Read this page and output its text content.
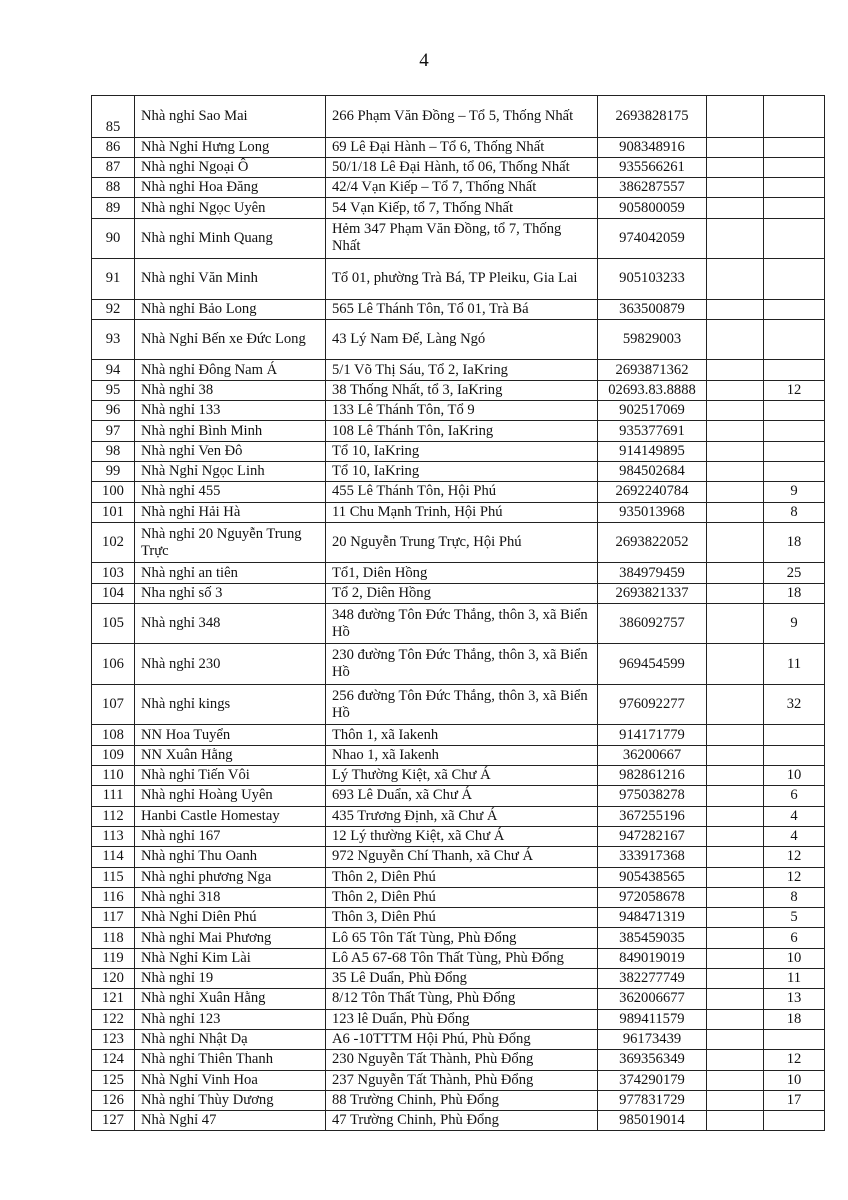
4
85	Nhà nghỉ Sao Mai	266 Phạm Văn Đồng – Tổ 5, Thống Nhất	2693828175		
86	Nhà Nghỉ Hưng Long	69 Lê Đại Hành – Tổ 6, Thống Nhất	908348916		
87	Nhà nghỉ Ngoại Ô	50/1/18 Lê Đại Hành, tổ 06, Thống Nhất	935566261		
88	Nhà nghỉ Hoa Đăng	42/4 Vạn Kiếp – Tổ 7, Thống Nhất	386287557		
89	Nhà nghỉ Ngọc Uyên	54 Vạn Kiếp, tổ 7, Thống Nhất	905800059		
90	Nhà nghỉ Minh Quang	Hẻm 347 Phạm Văn Đồng, tổ 7, Thống Nhất	974042059		
91	Nhà nghỉ Văn Minh	Tổ 01, phường Trà Bá, TP Pleiku, Gia Lai	905103233		
92	Nhà nghỉ Bảo Long	565 Lê Thánh Tôn, Tổ 01, Trà Bá	363500879		
93	Nhà Nghỉ Bến xe Đức Long	43 Lý Nam Đế, Làng Ngó	59829003		
94	Nhà nghỉ Đông Nam Á	5/1 Võ Thị Sáu, Tổ 2, IaKring	2693871362		
95	Nhà nghỉ 38	38 Thống Nhất, tổ 3, IaKring	02693.83.8888		12
96	Nhà nghỉ 133	133 Lê Thánh Tôn, Tổ 9	902517069		
97	Nhà nghỉ Bình Minh	108 Lê Thánh Tôn, IaKring	935377691		
98	Nhà nghỉ Ven Đô	Tổ 10, IaKring	914149895		
99	Nhà Nghỉ Ngọc Linh	Tổ 10, IaKring	984502684		
100	Nhà nghỉ 455	455 Lê Thánh Tôn, Hội Phú	2692240784		9
101	Nhà nghỉ Hải Hà	11 Chu Mạnh Trinh, Hội Phú	935013968		8
102	Nhà nghỉ 20 Nguyễn Trung Trực	20 Nguyễn Trung Trực, Hội Phú	2693822052		18
103	Nhà nghỉ an tiên	Tổ1, Diên Hồng	384979459		25
104	Nha nghỉ số 3	Tổ 2, Diên Hồng	2693821337		18
105	Nhà nghỉ 348	348 đường Tôn Đức Thắng, thôn 3, xã Biển Hồ	386092757		9
106	Nhà nghỉ 230	230 đường Tôn Đức Thắng, thôn 3, xã Biển Hồ	969454599		11
107	Nhà nghỉ kings	256 đường Tôn Đức Thắng, thôn 3, xã Biển Hồ	976092277		32
108	NN Hoa Tuyển	Thôn 1, xã Iakenh	914171779		
109	NN Xuân Hằng	Nhao 1, xã Iakenh	36200667		
110	Nhà nghỉ Tiến Vôi	Lý Thường Kiệt, xã Chư Á	982861216		10
111	Nhà nghỉ Hoàng Uyên	693 Lê Duẩn, xã Chư Á	975038278		6
112	Hanbi Castle Homestay	435 Trương Định, xã Chư Á	367255196		4
113	Nhà nghỉ 167	12 Lý thường Kiệt, xã Chư Á	947282167		4
114	Nhà nghỉ Thu Oanh	972 Nguyễn Chí Thanh, xã Chư Á	333917368		12
115	Nhà nghỉ phương Nga	Thôn 2, Diên Phú	905438565		12
116	Nhà nghỉ 318	Thôn 2, Diên Phú	972058678		8
117	Nhà Nghỉ Diên Phú	Thôn 3, Diên Phú	948471319		5
118	Nhà nghỉ Mai Phương	Lô 65 Tôn Tất Tùng, Phù Đổng	385459035		6
119	Nhà Nghỉ Kim Lài	Lô A5 67-68 Tôn Thất Tùng, Phù Đổng	849019019		10
120	Nhà nghỉ 19	35 Lê Duẩn, Phù Đổng	382277749		11
121	Nhà nghỉ Xuân Hằng	8/12 Tôn Thất Tùng, Phù Đổng	362006677		13
122	Nhà nghỉ 123	123 lê Duẩn, Phù Đổng	989411579		18
123	Nhà nghỉ Nhật Dạ	A6 -10TTTM Hội Phú, Phù Đổng	96173439		
124	Nhà nghỉ Thiên Thanh	230 Nguyễn Tất Thành, Phù Đổng	369356349		12
125	Nhà Nghỉ Vinh Hoa	237 Nguyễn Tất Thành, Phù Đổng	374290179		10
126	Nhà nghỉ Thùy Dương	88 Trường Chinh, Phù Đổng	977831729		17
127	Nhà Nghỉ 47	47 Trường Chinh, Phù Đổng	985019014		
